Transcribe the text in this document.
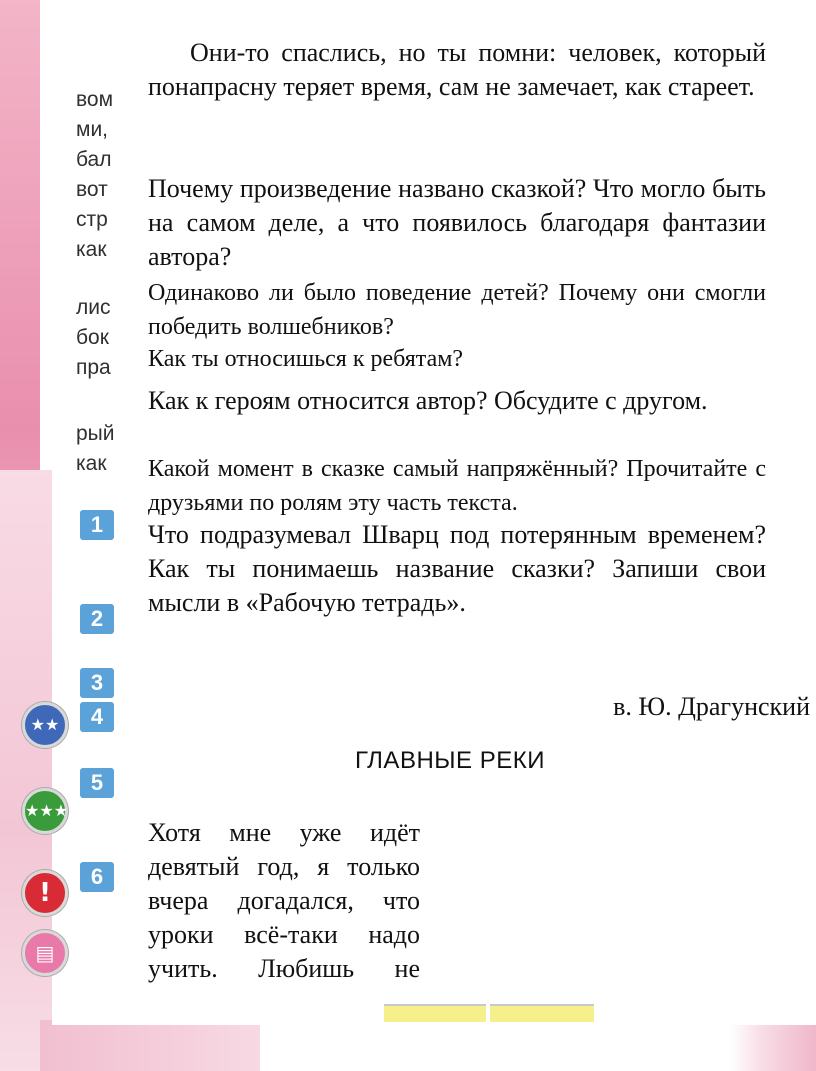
вом
ми,
бал
вот
стр
как
лис
бок
пра
рый
как
1
2
3
4
5
6
★★
★★★
!
▤

Они-то спаслись, но ты помни: человек, который понапрасну теряет время, сам не замечает, как стареет.

Почему произведение названо сказкой? Что могло быть на самом деле, а что появилось благодаря фантазии автора?

Одинаково ли было поведение детей? Почему они смогли победить волшебников?

Как ты относишься к ребятам?

Как к героям относится автор? Обсудите с другом.

Какой момент в сказке самый напряжённый? Прочитайте с друзьями по ролям эту часть текста.

Что подразумевал Шварц под потерянным временем? Как ты понимаешь название сказки? Запиши свои мысли в «Рабочую тетрадь».

в. Ю. Драгунский
ГЛАВНЫЕ РЕКИ

Хотя мне уже идёт девятый год, я только вчера догадался, что уроки всё-таки надо учить. Любишь не
